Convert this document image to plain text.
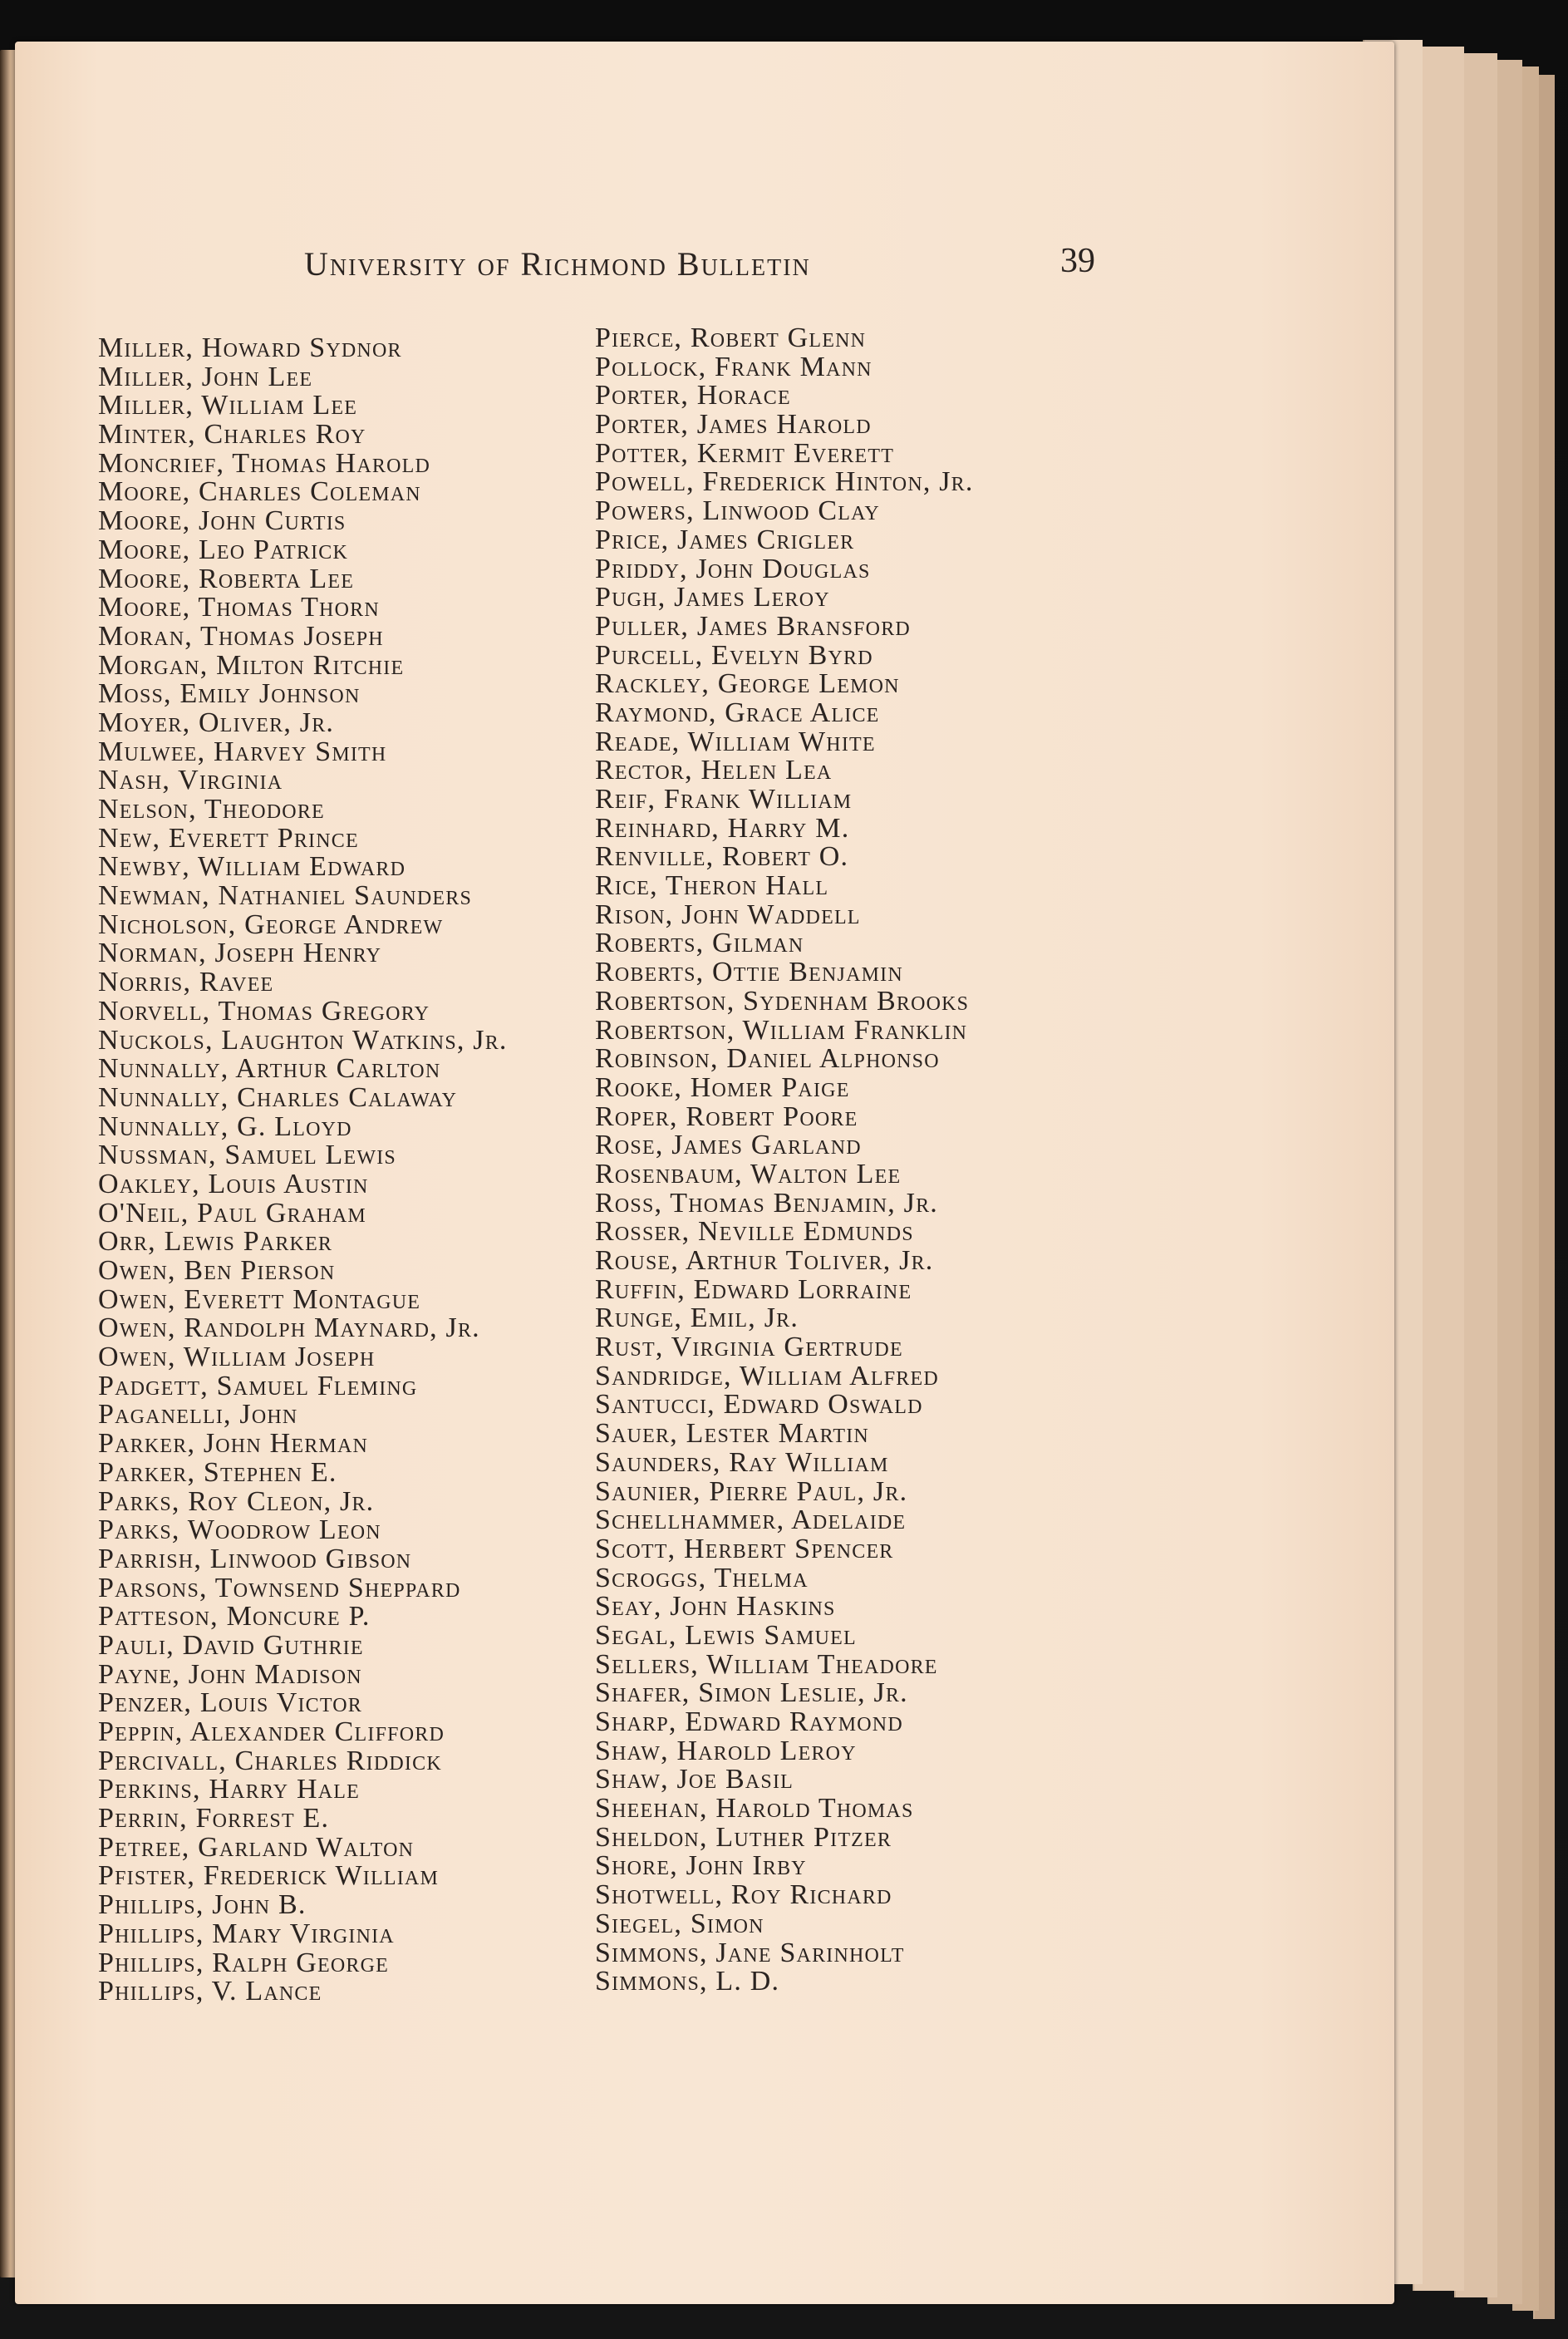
University of Richmond Bulletin	39
Miller, Howard Sydnor
Miller, John Lee
Miller, William Lee
Minter, Charles Roy
Moncrief, Thomas Harold
Moore, Charles Coleman
Moore, John Curtis
Moore, Leo Patrick
Moore, Roberta Lee
Moore, Thomas Thorn
Moran, Thomas Joseph
Morgan, Milton Ritchie
Moss, Emily Johnson
Moyer, Oliver, Jr.
Mulwee, Harvey Smith
Nash, Virginia
Nelson, Theodore
New, Everett Prince
Newby, William Edward
Newman, Nathaniel Saunders
Nicholson, George Andrew
Norman, Joseph Henry
Norris, Ravee
Norvell, Thomas Gregory
Nuckols, Laughton Watkins, Jr.
Nunnally, Arthur Carlton
Nunnally, Charles Calaway
Nunnally, G. Lloyd
Nussman, Samuel Lewis
Oakley, Louis Austin
O'Neil, Paul Graham
Orr, Lewis Parker
Owen, Ben Pierson
Owen, Everett Montague
Owen, Randolph Maynard, Jr.
Owen, William Joseph
Padgett, Samuel Fleming
Paganelli, John
Parker, John Herman
Parker, Stephen E.
Parks, Roy Cleon, Jr.
Parks, Woodrow Leon
Parrish, Linwood Gibson
Parsons, Townsend Sheppard
Patteson, Moncure P.
Pauli, David Guthrie
Payne, John Madison
Penzer, Louis Victor
Peppin, Alexander Clifford
Percivall, Charles Riddick
Perkins, Harry Hale
Perrin, Forrest E.
Petree, Garland Walton
Pfister, Frederick William
Phillips, John B.
Phillips, Mary Virginia
Phillips, Ralph George
Phillips, V. Lance
Pierce, Robert Glenn
Pollock, Frank Mann
Porter, Horace
Porter, James Harold
Potter, Kermit Everett
Powell, Frederick Hinton, Jr.
Powers, Linwood Clay
Price, James Crigler
Priddy, John Douglas
Pugh, James Leroy
Puller, James Bransford
Purcell, Evelyn Byrd
Rackley, George Lemon
Raymond, Grace Alice
Reade, William White
Rector, Helen Lea
Reif, Frank William
Reinhard, Harry M.
Renville, Robert O.
Rice, Theron Hall
Rison, John Waddell
Roberts, Gilman
Roberts, Ottie Benjamin
Robertson, Sydenham Brooks
Robertson, William Franklin
Robinson, Daniel Alphonso
Rooke, Homer Paige
Roper, Robert Poore
Rose, James Garland
Rosenbaum, Walton Lee
Ross, Thomas Benjamin, Jr.
Rosser, Neville Edmunds
Rouse, Arthur Toliver, Jr.
Ruffin, Edward Lorraine
Runge, Emil, Jr.
Rust, Virginia Gertrude
Sandridge, William Alfred
Santucci, Edward Oswald
Sauer, Lester Martin
Saunders, Ray William
Saunier, Pierre Paul, Jr.
Schellhammer, Adelaide
Scott, Herbert Spencer
Scroggs, Thelma
Seay, John Haskins
Segal, Lewis Samuel
Sellers, William Theadore
Shafer, Simon Leslie, Jr.
Sharp, Edward Raymond
Shaw, Harold Leroy
Shaw, Joe Basil
Sheehan, Harold Thomas
Sheldon, Luther Pitzer
Shore, John Irby
Shotwell, Roy Richard
Siegel, Simon
Simmons, Jane Sarinholt
Simmons, L. D.
